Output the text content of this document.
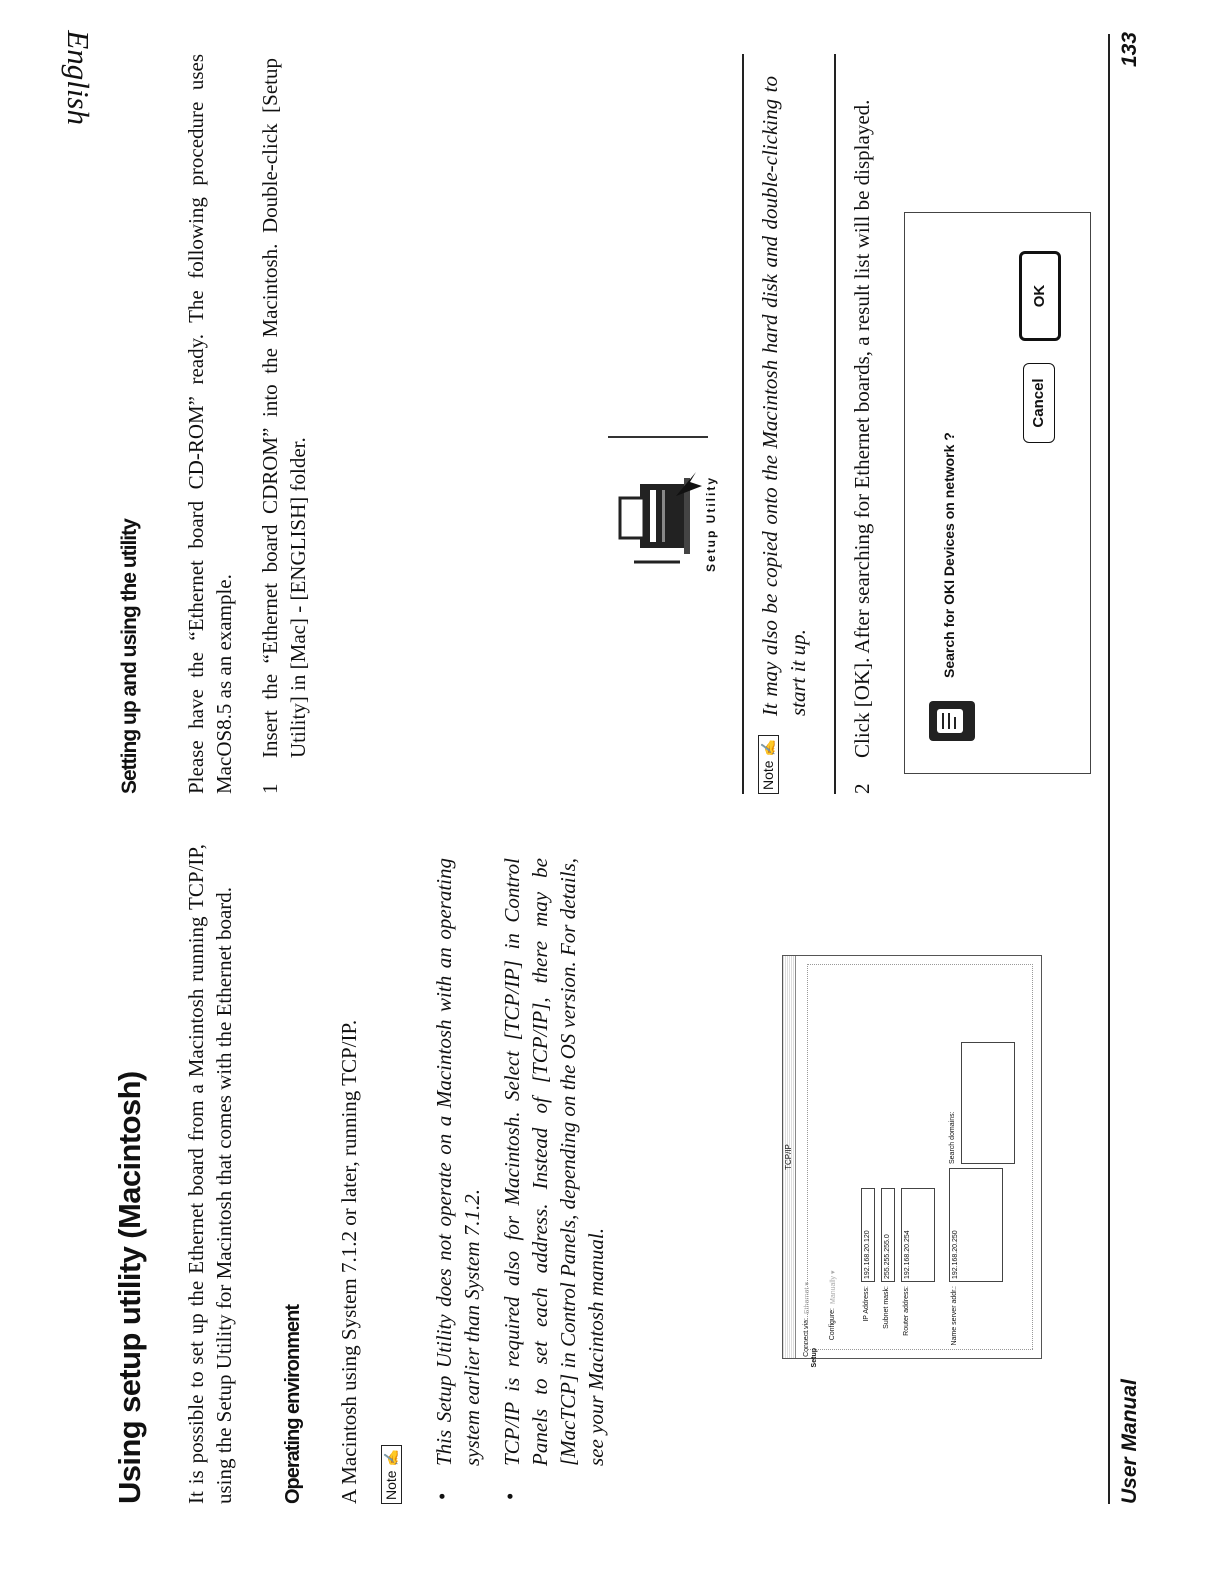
Using setup utility (Macintosh) It is possible to set up the Ethernet board from a Macintosh running TCP/IP, using the Setup Utility for Macintosh that comes with the Ethernet board. Operating environment A Macintosh using System 7.1.2 or later, running TCP/IP. Note ✍
•

This Setup Utility does not operate on a Macintosh with an operating system earlier than System 7.1.2.

•

TCP/IP is required also for Macintosh. Select [TCP/IP] in Control Panels to set each address. Instead of [TCP/IP], there may be [MacTCP] in Control Panels, depending on the OS version. For details, see your Macintosh manual.

TCP/IP
Connect via:
Ethernet ▾
Setup
Configure:
Manually ▾	IP Address:
192.168.20.120
Subnet mask:
255.255.255.0
Router address:
192.168.20.254
Name server addr.:
192.168.20.250
Search domains:
Setting up and using the utility Please have the “Ethernet board CD-ROM” ready. The following procedure uses MacOS8.5 as an example. 1

Insert the “Ethernet board CDROM” into the Macintosh. Double-click [Setup Utility] in [Mac] - [ENGLISH] folder.	Setup Utility
Note ✍

It may also be copied onto the Macintosh hard disk and double-clicking to start it up.

2

Click [OK]. After searching for Ethernet boards, a result list will be displayed.	Search for OKI Devices on network ?
Cancel
OK
User Manual
133
English
